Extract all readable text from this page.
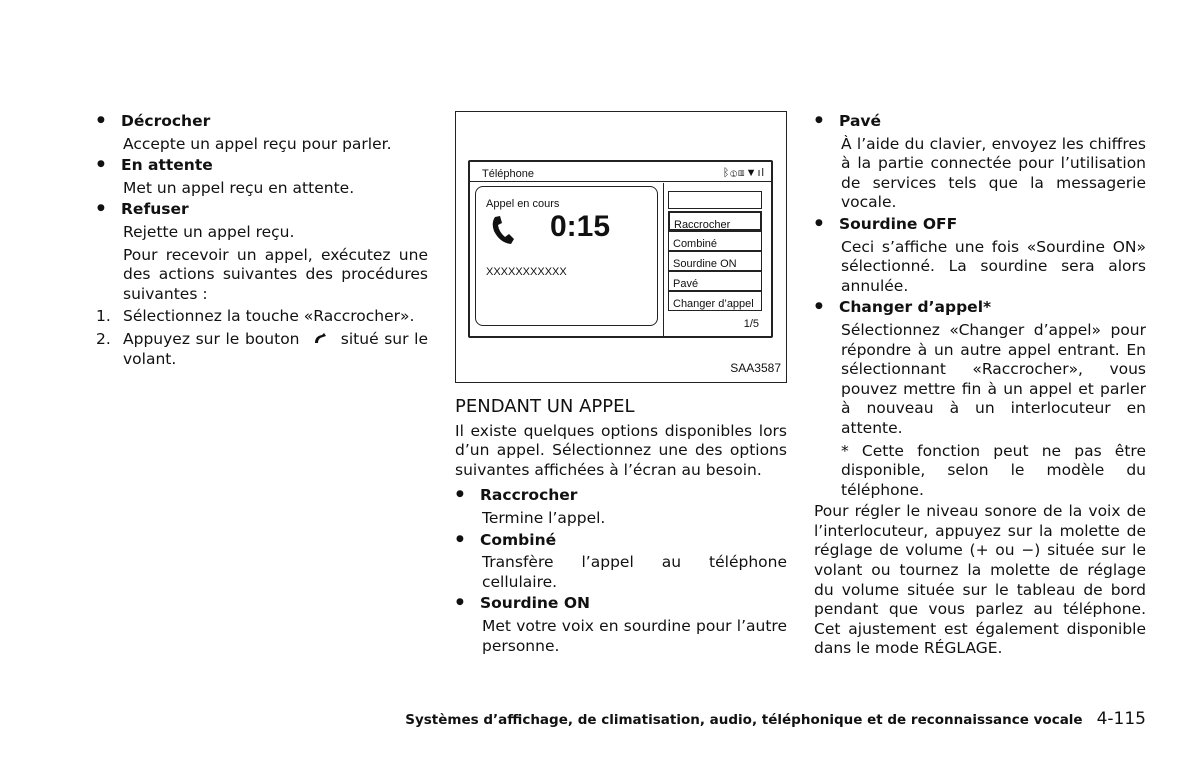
● Décrocher
Accepte un appel reçu pour parler.
● En attente
Met un appel reçu en attente.
● Refuser
Rejette un appel reçu.
Pour recevoir un appel, exécutez une des actions suivantes des procédures suivantes :
1. Sélectionnez la touche «Raccrocher».
2. Appuyez sur le bouton	situé sur le volant.
Téléphone	ᛒ①▥▼ıl
Appel en cours
0:15
XXXXXXXXXXX
Raccrocher
Combiné
Sourdine ON
Pavé
Changer d’appel
1/5
SAA3587
PENDANT UN APPEL
Il existe quelques options disponibles lors d’un appel. Sélectionnez une des options suivantes affichées à l’écran au besoin.
● Raccrocher
Termine l’appel.
● Combiné
Transfère l’appel au téléphone cellulaire.
● Sourdine ON
Met votre voix en sourdine pour l’autre personne.
● Pavé
À l’aide du clavier, envoyez les chiffres à la partie connectée pour l’utilisation de services tels que la messagerie vocale.
● Sourdine OFF
Ceci s’affiche une fois «Sourdine ON» sélectionné. La sourdine sera alors annulée.
● Changer d’appel*
Sélectionnez «Changer d’appel» pour répondre à un autre appel entrant. En sélectionnant «Raccrocher», vous pouvez mettre fin à un appel et parler à nouveau à un interlocuteur en attente.
* Cette fonction peut ne pas être disponible, selon le modèle du téléphone.
Pour régler le niveau sonore de la voix de l’interlocuteur, appuyez sur la molette de réglage de volume (+ ou −) située sur le volant ou tournez la molette de réglage du volume située sur le tableau de bord pendant que vous parlez au téléphone. Cet ajustement est également disponible dans le mode RÉGLAGE.
Systèmes d’affichage, de climatisation, audio, téléphonique et de reconnaissance vocale 4-115
